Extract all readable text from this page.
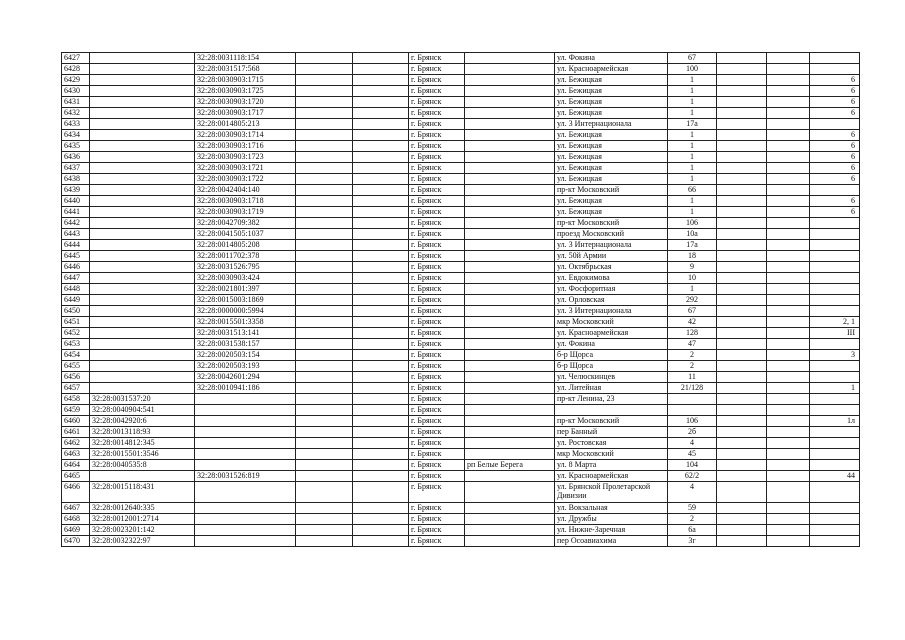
6427		32:28:0031118:154			г. Брянск		ул. Фокина	67			
6428		32:28:0031517:568			г. Брянск		ул. Красноармейская	100			
6429		32:28:0030903:1715			г. Брянск		ул. Бежицкая	1			6
6430		32:28:0030903:1725			г. Брянск		ул. Бежицкая	1			6
6431		32:28:0030903:1720			г. Брянск		ул. Бежицкая	1			6
6432		32:28:0030903:1717			г. Брянск		ул. Бежицкая	1			6
6433		32:28:0014805:213			г. Брянск		ул. 3 Интернационала	17а			
6434		32:28:0030903:1714			г. Брянск		ул. Бежицкая	1			6
6435		32:28:0030903:1716			г. Брянск		ул. Бежицкая	1			6
6436		32:28:0030903:1723			г. Брянск		ул. Бежицкая	1			6
6437		32:28:0030903:1721			г. Брянск		ул. Бежицкая	1			6
6438		32:28:0030903:1722			г. Брянск		ул. Бежицкая	1			6
6439		32:28:0042404:140			г. Брянск		пр-кт Московский	66			
6440		32:28:0030903:1718			г. Брянск		ул. Бежицкая	1			6
6441		32:28:0030903:1719			г. Брянск		ул. Бежицкая	1			6
6442		32:28:0042709:382			г. Брянск		пр-кт Московский	106			
6443		32:28:0041505:1037			г. Брянск		проезд Московский	10а			
6444		32:28:0014805:208			г. Брянск		ул. 3 Интернационала	17а			
6445		32:28:0011702:378			г. Брянск		ул. 50й Армии	18			
6446		32:28:0031526:795			г. Брянск		ул. Октябрьская	9			
6447		32:28:0030903:424			г. Брянск		ул. Евдокимова	10			
6448		32:28:0021801:397			г. Брянск		ул. Фосфоритная	1			
6449		32:28:0015003:1869			г. Брянск		ул. Орловская	292			
6450		32:28:0000000:5994			г. Брянск		ул. 3 Интернационала	67			
6451		32:28:0015501:3358			г. Брянск		мкр Московский	42			2, 1
6452		32:28:0031513:141			г. Брянск		ул. Красноармейская	128			III
6453		32:28:0031538:157			г. Брянск		ул. Фокина	47			
6454		32:28:0020503:154			г. Брянск		б-р Щорса	2			3
6455		32:28:0020503:193			г. Брянск		б-р Щорса	2			
6456		32:28:0042601:294			г. Брянск		ул. Челюскинцев	11			
6457		32:28:0010941:186			г. Брянск		ул. Литейная	21/128			1
6458	32:28:0031537:20				г. Брянск		пр-кт Ленина, 23				
6459	32:28:0040904:541				г. Брянск						
6460	32:28:0042920:6				г. Брянск		пр-кт Московский	106			1л
6461	32:28:0013118:93				г. Брянск		пер Банный	2б			
6462	32:28:0014812:345				г. Брянск		ул. Ростовская	4			
6463	32:28:0015501:3546				г. Брянск		мкр Московский	45			
6464	32:28:0040535:8				г. Брянск	рп Белые Берега	ул. 8 Марта	104			
6465		32:28:0031526:819			г. Брянск		ул. Красноармейская	62/2			44
6466	32:28:0015118:431				г. Брянск		ул. Брянской Пролетарской Дивизии	4			
6467	32:28:0012640:335				г. Брянск		ул. Вокзальная	59			
6468	32:28:0012001:2714				г. Брянск		ул. Дружбы	2			
6469	32:28:0023201:142				г. Брянск		ул. Нижне-Заречная	6а			
6470	32:28:0032322:97				г. Брянск		пер Осоавиахима	3г			
